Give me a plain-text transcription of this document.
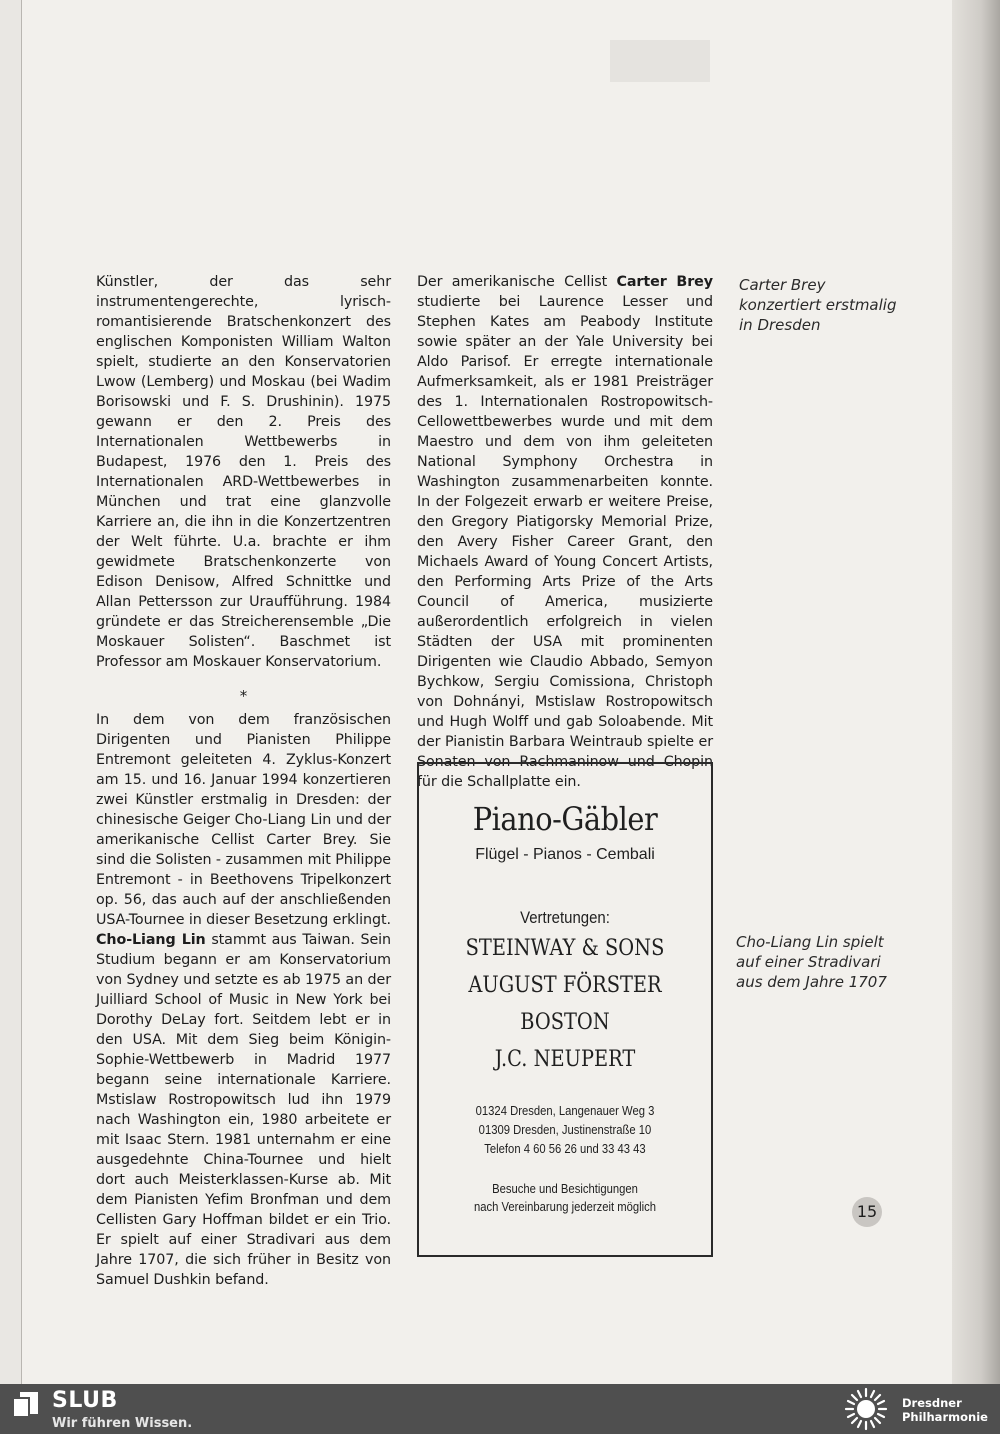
Künstler, der das sehr instrumentengerechte, lyrisch-romantisierende Bratschenkonzert des englischen Komponisten William Walton spielt, studierte an den Konservatorien Lwow (Lemberg) und Moskau (bei Wadim Borisowski und F. S. Drushinin). 1975 gewann er den 2. Preis des Internationalen Wettbewerbs in Budapest, 1976 den 1. Preis des Internationalen ARD-Wettbewerbes in München und trat eine glanzvolle Karriere an, die ihn in die Konzertzentren der Welt führte. U.a. brachte er ihm gewidmete Bratschenkonzerte von Edison Denisow, Alfred Schnittke und Allan Pettersson zur Uraufführung. 1984 gründete er das Streicherensemble „Die Moskauer Solisten“. Baschmet ist Professor am Moskauer Konservatorium.

*

In dem von dem französischen Dirigenten und Pianisten Philippe Entremont geleiteten 4. Zyklus-Konzert am 15. und 16. Januar 1994 konzertieren zwei Künstler erstmalig in Dresden: der chinesische Geiger Cho-Liang Lin und der amerikanische Cellist Carter Brey. Sie sind die Solisten - zusammen mit Philippe Entremont - in Beethovens Tripelkonzert op. 56, das auch auf der anschließenden USA-Tournee in dieser Besetzung erklingt.

Cho-Liang Lin stammt aus Taiwan. Sein Studium begann er am Konservatorium von Sydney und setzte es ab 1975 an der Juilliard School of Music in New York bei Dorothy DeLay fort. Seitdem lebt er in den USA. Mit dem Sieg beim Königin-Sophie-Wettbewerb in Madrid 1977 begann seine internationale Karriere. Mstislaw Rostropowitsch lud ihn 1979 nach Washington ein, 1980 arbeitete er mit Isaac Stern. 1981 unternahm er eine ausgedehnte China-Tournee und hielt dort auch Meisterklassen-Kurse ab. Mit dem Pianisten Yefim Bronfman und dem Cellisten Gary Hoffman bildet er ein Trio. Er spielt auf einer Stradivari aus dem Jahre 1707, die sich früher in Besitz von Samuel Dushkin befand.

Der amerikanische Cellist Carter Brey studierte bei Laurence Lesser und Stephen Kates am Peabody Institute sowie später an der Yale University bei Aldo Parisof. Er erregte internationale Aufmerksamkeit, als er 1981 Preisträger des 1. Internationalen Rostropowitsch-Cellowettbewerbes wurde und mit dem Maestro und dem von ihm geleiteten National Symphony Orchestra in Washington zusammenarbeiten konnte. In der Folgezeit erwarb er weitere Preise, den Gregory Piatigorsky Memorial Prize, den Avery Fisher Career Grant, den Michaels Award of Young Concert Artists, den Performing Arts Prize of the Arts Council of America, musizierte außerordentlich erfolgreich in vielen Städten der USA mit prominenten Dirigenten wie Claudio Abbado, Semyon Bychkow, Sergiu Comissiona, Christoph von Dohnányi, Mstislaw Rostropowitsch und Hugh Wolff und gab Soloabende. Mit der Pianistin Barbara Weintraub spielte er Sonaten von Rachmaninow und Chopin für die Schallplatte ein.

Carter Brey konzertiert erstmalig in Dresden
Cho-Liang Lin spielt auf einer Stradivari aus dem Jahre 1707
Piano-Gäbler
Flügel - Pianos - Cembali
Vertretungen:
STEINWAY & SONS
AUGUST FÖRSTER
BOSTON
J.C. NEUPERT
01324 Dresden, Langenauer Weg 3
01309 Dresden, Justinenstraße 10
Telefon 4 60 56 26 und 33 43 43
Besuche und Besichtigungen
nach Vereinbarung jederzeit möglich	15
SLUB
Wir führen Wissen.
Dresdner
Philharmonie
